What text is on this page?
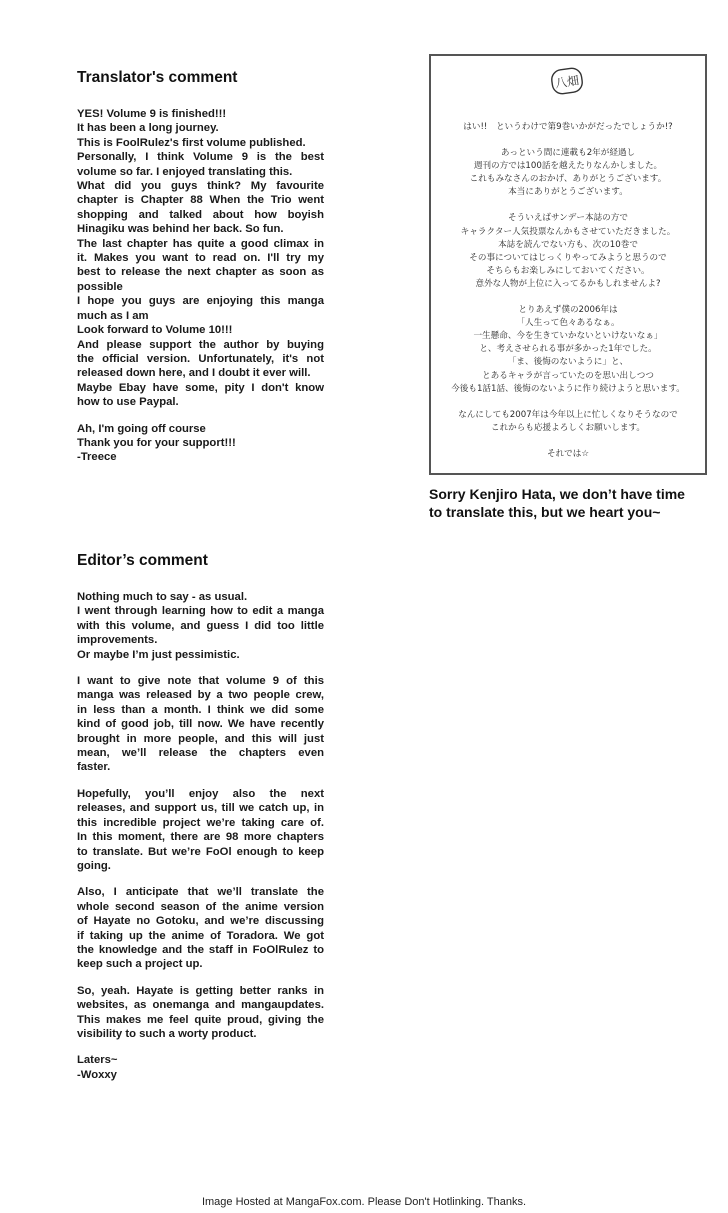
Translator's comment
YES! Volume 9 is finished!!!
It has been a long journey.
This is FoolRulez's first volume published.
Personally, I think Volume 9 is the best
volume so far. I enjoyed translating this.
What did you guys think? My favourite
chapter is Chapter 88 When the Trio went
shopping and talked about how boyish
Hinagiku was behind her back. So fun.
The last chapter has quite a good climax in
it. Makes you want to read on. I'll try my
best to release the next chapter as soon as
possible
I hope you guys are enjoying this manga
much as I am
Look forward to Volume 10!!!
And please support the author by buying
the official version. Unfortunately, it's not
released down here, and I doubt it ever will.
Maybe Ebay have some, pity I don't know
how to use Paypal.
Ah, I'm going off course
Thank you for your support!!!
-Treece
Editor’s comment
Nothing much to say - as usual.
I went through learning how to edit a manga
with this volume, and guess I did too little
improvements.
Or maybe I’m just pessimistic.
I want to give note that volume 9 of this
manga was released by a two people crew,
in less than a month. I think we did some
kind of good job, till now. We have recently
brought in more people, and this will just
mean, we’ll release the chapters even
faster.
Hopefully, you’ll enjoy also the next
releases, and support us, till we catch up, in
this incredible project we’re taking care of.
In this moment, there are 98 more chapters
to translate. But we’re FoOl enough to keep
going.
Also, I anticipate that we’ll translate the
whole second season of the anime version
of Hayate no Gotoku, and we’re discussing
if taking up the anime of Toradora. We got
the knowledge and the staff in FoOlRulez to
keep such a project up.
So, yeah. Hayate is getting better ranks in
websites, as onemanga and mangaupdates.
This makes me feel quite proud, giving the
visibility to such a worty product.
Laters~
-Woxxy
八畑
はい!!　というわけで第9巻いかがだったでしょうか!?
あっという間に連載も2年が経過し
週刊の方では100話を越えたりなんかしました。
これもみなさんのおかげ、ありがとうございます。
本当にありがとうございます。
そういえばサンデー本誌の方で
キャラクター人気投票なんかもさせていただきました。
本誌を読んでない方も、次の10巻で
その事についてはじっくりやってみようと思うので
そちらもお楽しみにしておいてください。
意外な人物が上位に入ってるかもしれませんよ?
とりあえず僕の2006年は
「人生って色々あるなぁ。
一生懸命、今を生きていかないといけないなぁ」
と、考えさせられる事が多かった1年でした。
「ま、後悔のないように」と、
とあるキャラが言っていたのを思い出しつつ
今後も1話1話、後悔のないように作り続けようと思います。
なんにしても2007年は今年以上に忙しくなりそうなので
これからも応援よろしくお願いします。
それでは☆
Sorry Kenjiro Hata, we don’t have time
to translate this, but we heart you~
Image Hosted at MangaFox.com. Please Don't Hotlinking. Thanks.
